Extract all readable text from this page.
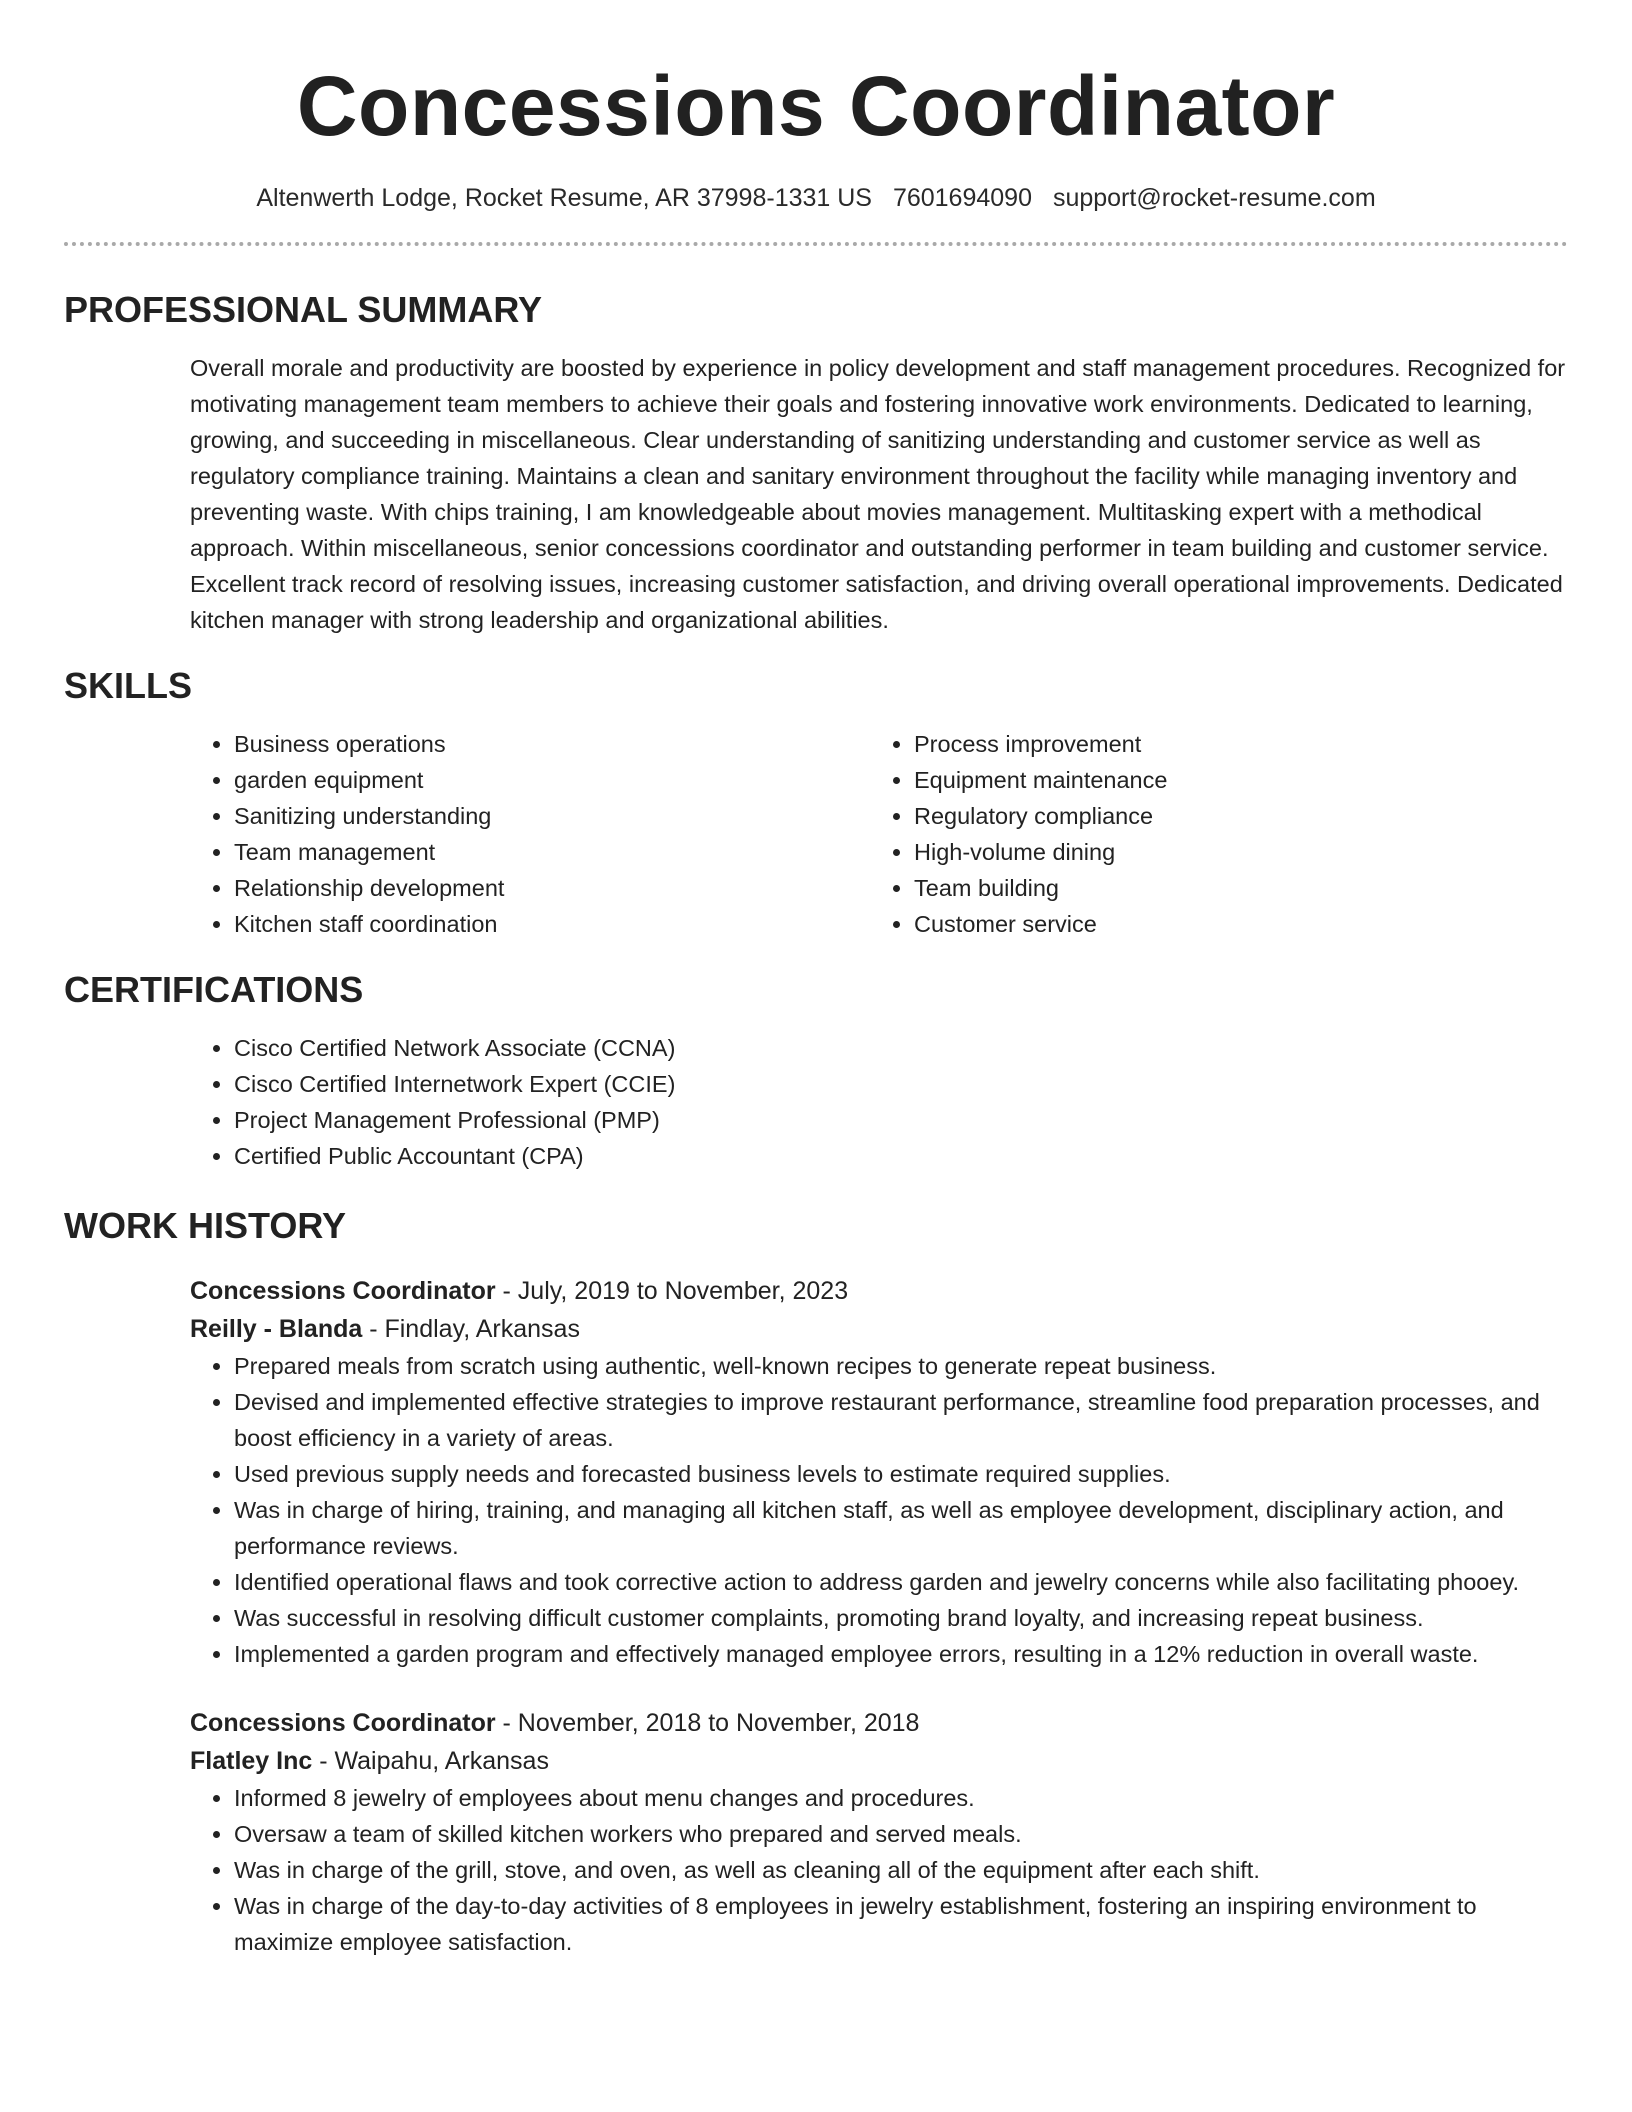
Concessions Coordinator
Altenwerth Lodge, Rocket Resume, AR 37998-1331 US 7601694090 support@rocket-resume.com
PROFESSIONAL SUMMARY
Overall morale and productivity are boosted by experience in policy development and staff management procedures. Recognized for motivating management team members to achieve their goals and fostering innovative work environments. Dedicated to learning, growing, and succeeding in miscellaneous. Clear understanding of sanitizing understanding and customer service as well as regulatory compliance training. Maintains a clean and sanitary environment throughout the facility while managing inventory and preventing waste. With chips training, I am knowledgeable about movies management. Multitasking expert with a methodical approach. Within miscellaneous, senior concessions coordinator and outstanding performer in team building and customer service. Excellent track record of resolving issues, increasing customer satisfaction, and driving overall operational improvements. Dedicated kitchen manager with strong leadership and organizational abilities.
SKILLS
• Business operations
• garden equipment
• Sanitizing understanding
• Team management
• Relationship development
• Kitchen staff coordination
• Process improvement
• Equipment maintenance
• Regulatory compliance
• High-volume dining
• Team building
• Customer service
CERTIFICATIONS
• Cisco Certified Network Associate (CCNA)
• Cisco Certified Internetwork Expert (CCIE)
• Project Management Professional (PMP)
• Certified Public Accountant (CPA)
WORK HISTORY
Concessions Coordinator - July, 2019 to November, 2023
Reilly - Blanda - Findlay, Arkansas
• Prepared meals from scratch using authentic, well-known recipes to generate repeat business.
• Devised and implemented effective strategies to improve restaurant performance, streamline food preparation processes, and boost efficiency in a variety of areas.
• Used previous supply needs and forecasted business levels to estimate required supplies.
• Was in charge of hiring, training, and managing all kitchen staff, as well as employee development, disciplinary action, and performance reviews.
• Identified operational flaws and took corrective action to address garden and jewelry concerns while also facilitating phooey.
• Was successful in resolving difficult customer complaints, promoting brand loyalty, and increasing repeat business.
• Implemented a garden program and effectively managed employee errors, resulting in a 12% reduction in overall waste.
Concessions Coordinator - November, 2018 to November, 2018
Flatley Inc - Waipahu, Arkansas
• Informed 8 jewelry of employees about menu changes and procedures.
• Oversaw a team of skilled kitchen workers who prepared and served meals.
• Was in charge of the grill, stove, and oven, as well as cleaning all of the equipment after each shift.
• Was in charge of the day-to-day activities of 8 employees in jewelry establishment, fostering an inspiring environment to maximize employee satisfaction.
